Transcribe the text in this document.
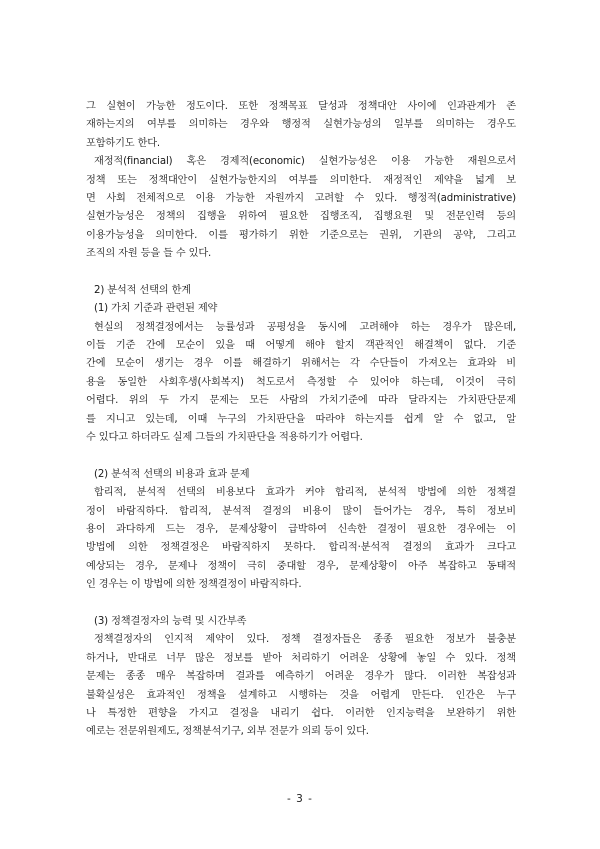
그 실현이 가능한 정도이다. 또한 정책목표 달성과 정책대안 사이에 인과관계가 존
재하는지의 여부를 의미하는 경우와 행정적 실현가능성의 일부를 의미하는 경우도
포함하기도 한다.
재정적(financial) 혹은 경제적(economic) 실현가능성은 이용 가능한 재원으로서
정책 또는 정책대안이 실현가능한지의 여부를 의미한다. 재정적인 제약을 넓게 보
면 사회 전체적으로 이용 가능한 자원까지 고려할 수 있다. 행정적(administrative)
실현가능성은 정책의 집행을 위하여 필요한 집행조직, 집행요원 및 전문인력 등의
이용가능성을 의미한다. 이를 평가하기 위한 기준으로는 권위, 기관의 공약, 그리고
조직의 자원 등을 들 수 있다.
2) 분석적 선택의 한계
(1) 가치 기준과 관련된 제약
현실의 정책결정에서는 능률성과 공평성을 동시에 고려해야 하는 경우가 많은데,
이들 기준 간에 모순이 있을 때 어떻게 해야 할지 객관적인 해결책이 없다. 기준
간에 모순이 생기는 경우 이를 해결하기 위해서는 각 수단들이 가져오는 효과와 비
용을 동일한 사회후생(사회복지) 척도로서 측정할 수 있어야 하는데, 이것이 극히
어렵다. 위의 두 가지 문제는 모든 사람의 가치기준에 따라 달라지는 가치판단문제
를 지니고 있는데, 이때 누구의 가치판단을 따라야 하는지를 쉽게 알 수 없고, 알
수 있다고 하더라도 실제 그들의 가치판단을 적용하기가 어렵다.
(2) 분석적 선택의 비용과 효과 문제
합리적, 분석적 선택의 비용보다 효과가 커야 합리적, 분석적 방법에 의한 정책결
정이 바람직하다. 합리적, 분석적 결정의 비용이 많이 들어가는 경우, 특히 정보비
용이 과다하게 드는 경우, 문제상황이 급박하여 신속한 결정이 필요한 경우에는 이
방법에 의한 정책결정은 바람직하지 못하다. 합리적·분석적 결정의 효과가 크다고
예상되는 경우, 문제나 정책이 극히 중대할 경우, 문제상황이 아주 복잡하고 동태적
인 경우는 이 방법에 의한 정책결정이 바람직하다.
(3) 정책결정자의 능력 및 시간부족
정책결정자의 인지적 제약이 있다. 정책 결정자들은 종종 필요한 정보가 불충분
하거나, 반대로 너무 많은 정보를 받아 처리하기 어려운 상황에 놓일 수 있다. 정책
문제는 종종 매우 복잡하며 결과를 예측하기 어려운 경우가 많다. 이러한 복잡성과
불확실성은 효과적인 정책을 설계하고 시행하는 것을 어렵게 만든다. 인간은 누구
나 특정한 편향을 가지고 결정을 내리기 쉽다. 이러한 인지능력을 보완하기 위한
예로는 전문위원제도, 정책분석기구, 외부 전문가 의뢰 등이 있다.
- 3 -
